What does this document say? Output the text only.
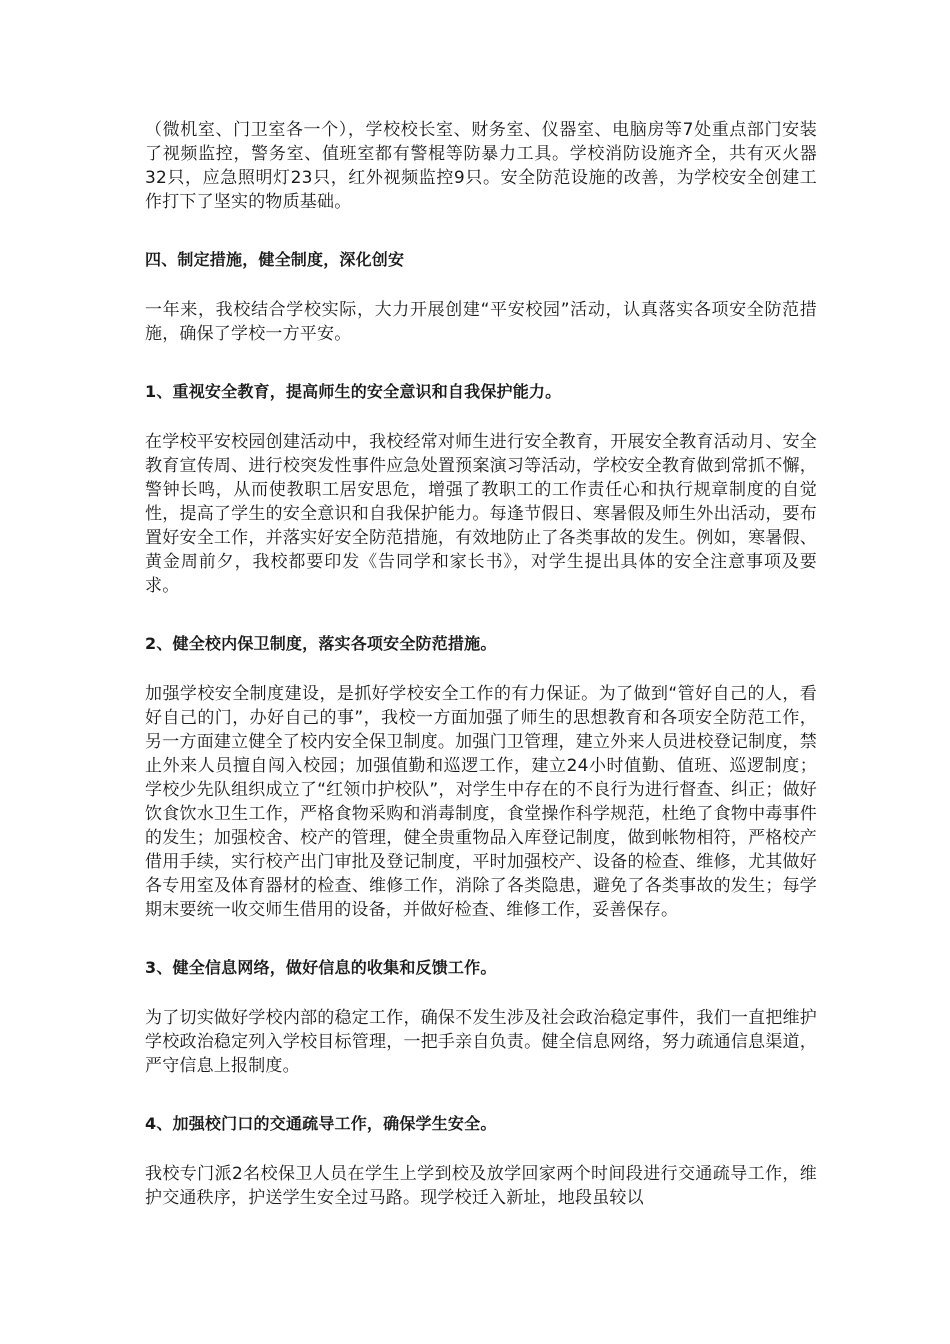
（微机室、门卫室各一个），学校校长室、财务室、仪器室、电脑房等7处重点部门安装了视频监控，警务室、值班室都有警棍等防暴力工具。学校消防设施齐全，共有灭火器32只，应急照明灯23只，红外视频监控9只。安全防范设施的改善，为学校安全创建工作打下了坚实的物质基础。

四、制定措施，健全制度，深化创安

一年来，我校结合学校实际，大力开展创建“平安校园”活动，认真落实各项安全防范措施，确保了学校一方平安。

1、重视安全教育，提高师生的安全意识和自我保护能力。

在学校平安校园创建活动中，我校经常对师生进行安全教育，开展安全教育活动月、安全教育宣传周、进行校突发性事件应急处置预案演习等活动，学校安全教育做到常抓不懈，警钟长鸣，从而使教职工居安思危，增强了教职工的工作责任心和执行规章制度的自觉性，提高了学生的安全意识和自我保护能力。每逢节假日、寒暑假及师生外出活动，要布置好安全工作，并落实好安全防范措施，有效地防止了各类事故的发生。例如，寒暑假、黄金周前夕，我校都要印发《告同学和家长书》，对学生提出具体的安全注意事项及要求。

2、健全校内保卫制度，落实各项安全防范措施。

加强学校安全制度建设，是抓好学校安全工作的有力保证。为了做到“管好自己的人，看好自己的门，办好自己的事”，我校一方面加强了师生的思想教育和各项安全防范工作，另一方面建立健全了校内安全保卫制度。加强门卫管理，建立外来人员进校登记制度，禁止外来人员擅自闯入校园；加强值勤和巡逻工作，建立24小时值勤、值班、巡逻制度；学校少先队组织成立了“红领巾护校队”，对学生中存在的不良行为进行督查、纠正；做好饮食饮水卫生工作，严格食物采购和消毒制度，食堂操作科学规范，杜绝了食物中毒事件的发生；加强校舍、校产的管理，健全贵重物品入库登记制度，做到帐物相符，严格校产借用手续，实行校产出门审批及登记制度，平时加强校产、设备的检查、维修，尤其做好各专用室及体育器材的检查、维修工作，消除了各类隐患，避免了各类事故的发生；每学期末要统一收交师生借用的设备，并做好检查、维修工作，妥善保存。

3、健全信息网络，做好信息的收集和反馈工作。

为了切实做好学校内部的稳定工作，确保不发生涉及社会政治稳定事件，我们一直把维护学校政治稳定列入学校目标管理，一把手亲自负责。健全信息网络，努力疏通信息渠道，严守信息上报制度。

4、加强校门口的交通疏导工作，确保学生安全。

我校专门派2名校保卫人员在学生上学到校及放学回家两个时间段进行交通疏导工作，维护交通秩序，护送学生安全过马路。现学校迁入新址，地段虽较以
